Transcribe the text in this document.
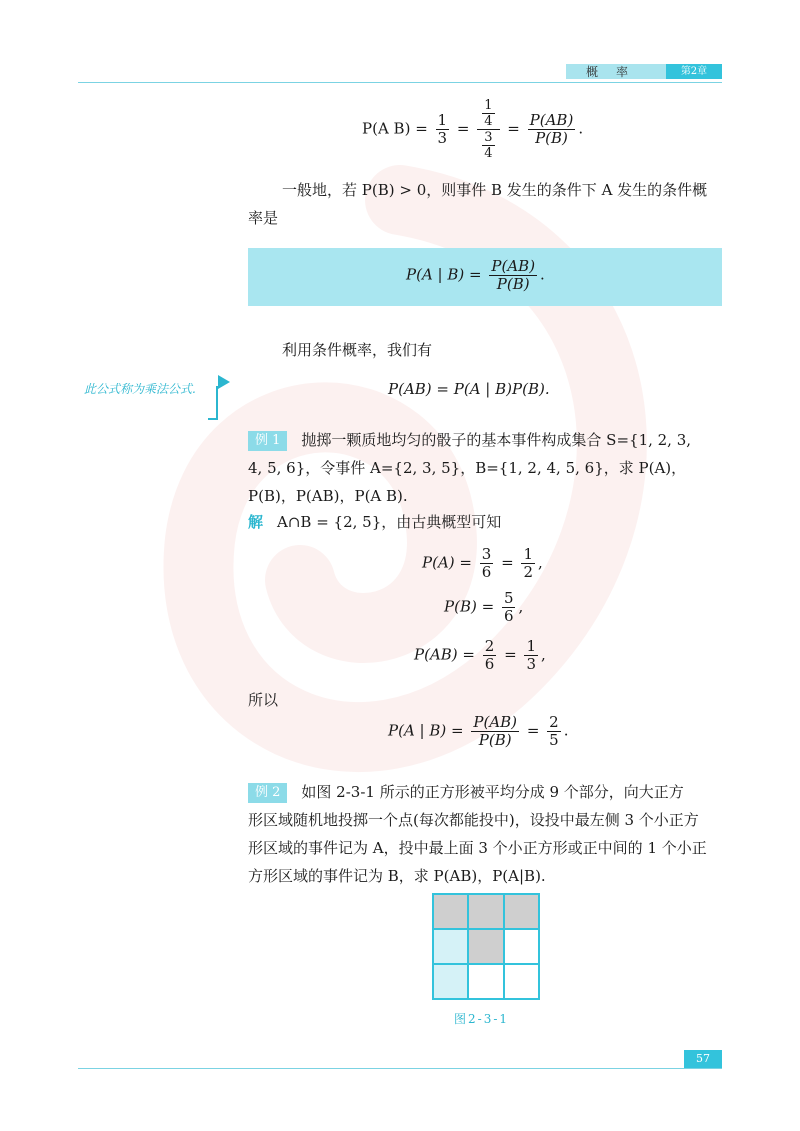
概率	第2章
P(A $B) = \frac{1}{3} = \frac{\frac{1}{4}}{\frac{3}{4}} = \frac{P(AB)}{P(B)}$ .
一般地，若 P(B) > 0，则事件 B 发生的条件下 A 发生的条件概
率是
P(A | $B) = \frac{P(AB)}{P(B)}$ .
利用条件概率，我们有
P(AB) = P(A | B)P(B).
此公式称为乘法公式.
例 1 抛掷一颗质地均匀的骰子的基本事件构成集合 S={1, 2, 3,
4, 5, 6}，令事件 A={2, 3, 5}，B={1, 2, 4, 5, 6}，求 P(A)，
P(B)，P(AB)，P(A B).
解 A∩B = {2, 5}，由古典概型可知
$P(A) = \frac{3}{6} = \frac{1}{2}$ ,
$P(B) = \frac{5}{6}$ ,
$P(AB) = \frac{2}{6} = \frac{1}{3}$ ,
所以
P(A | $B) = \frac{P(AB)}{P(B)} = \frac{2}{5}$ .
例 2 如图 2-3-1 所示的正方形被平均分成 9 个部分，向大正方
形区域随机地投掷一个点(每次都能投中)，设投中最左侧 3 个小正方
形区域的事件记为 A，投中最上面 3 个小正方形或正中间的 1 个小正
方形区域的事件记为 B，求 P(AB)，P(A|B).
图2-3-1
57
